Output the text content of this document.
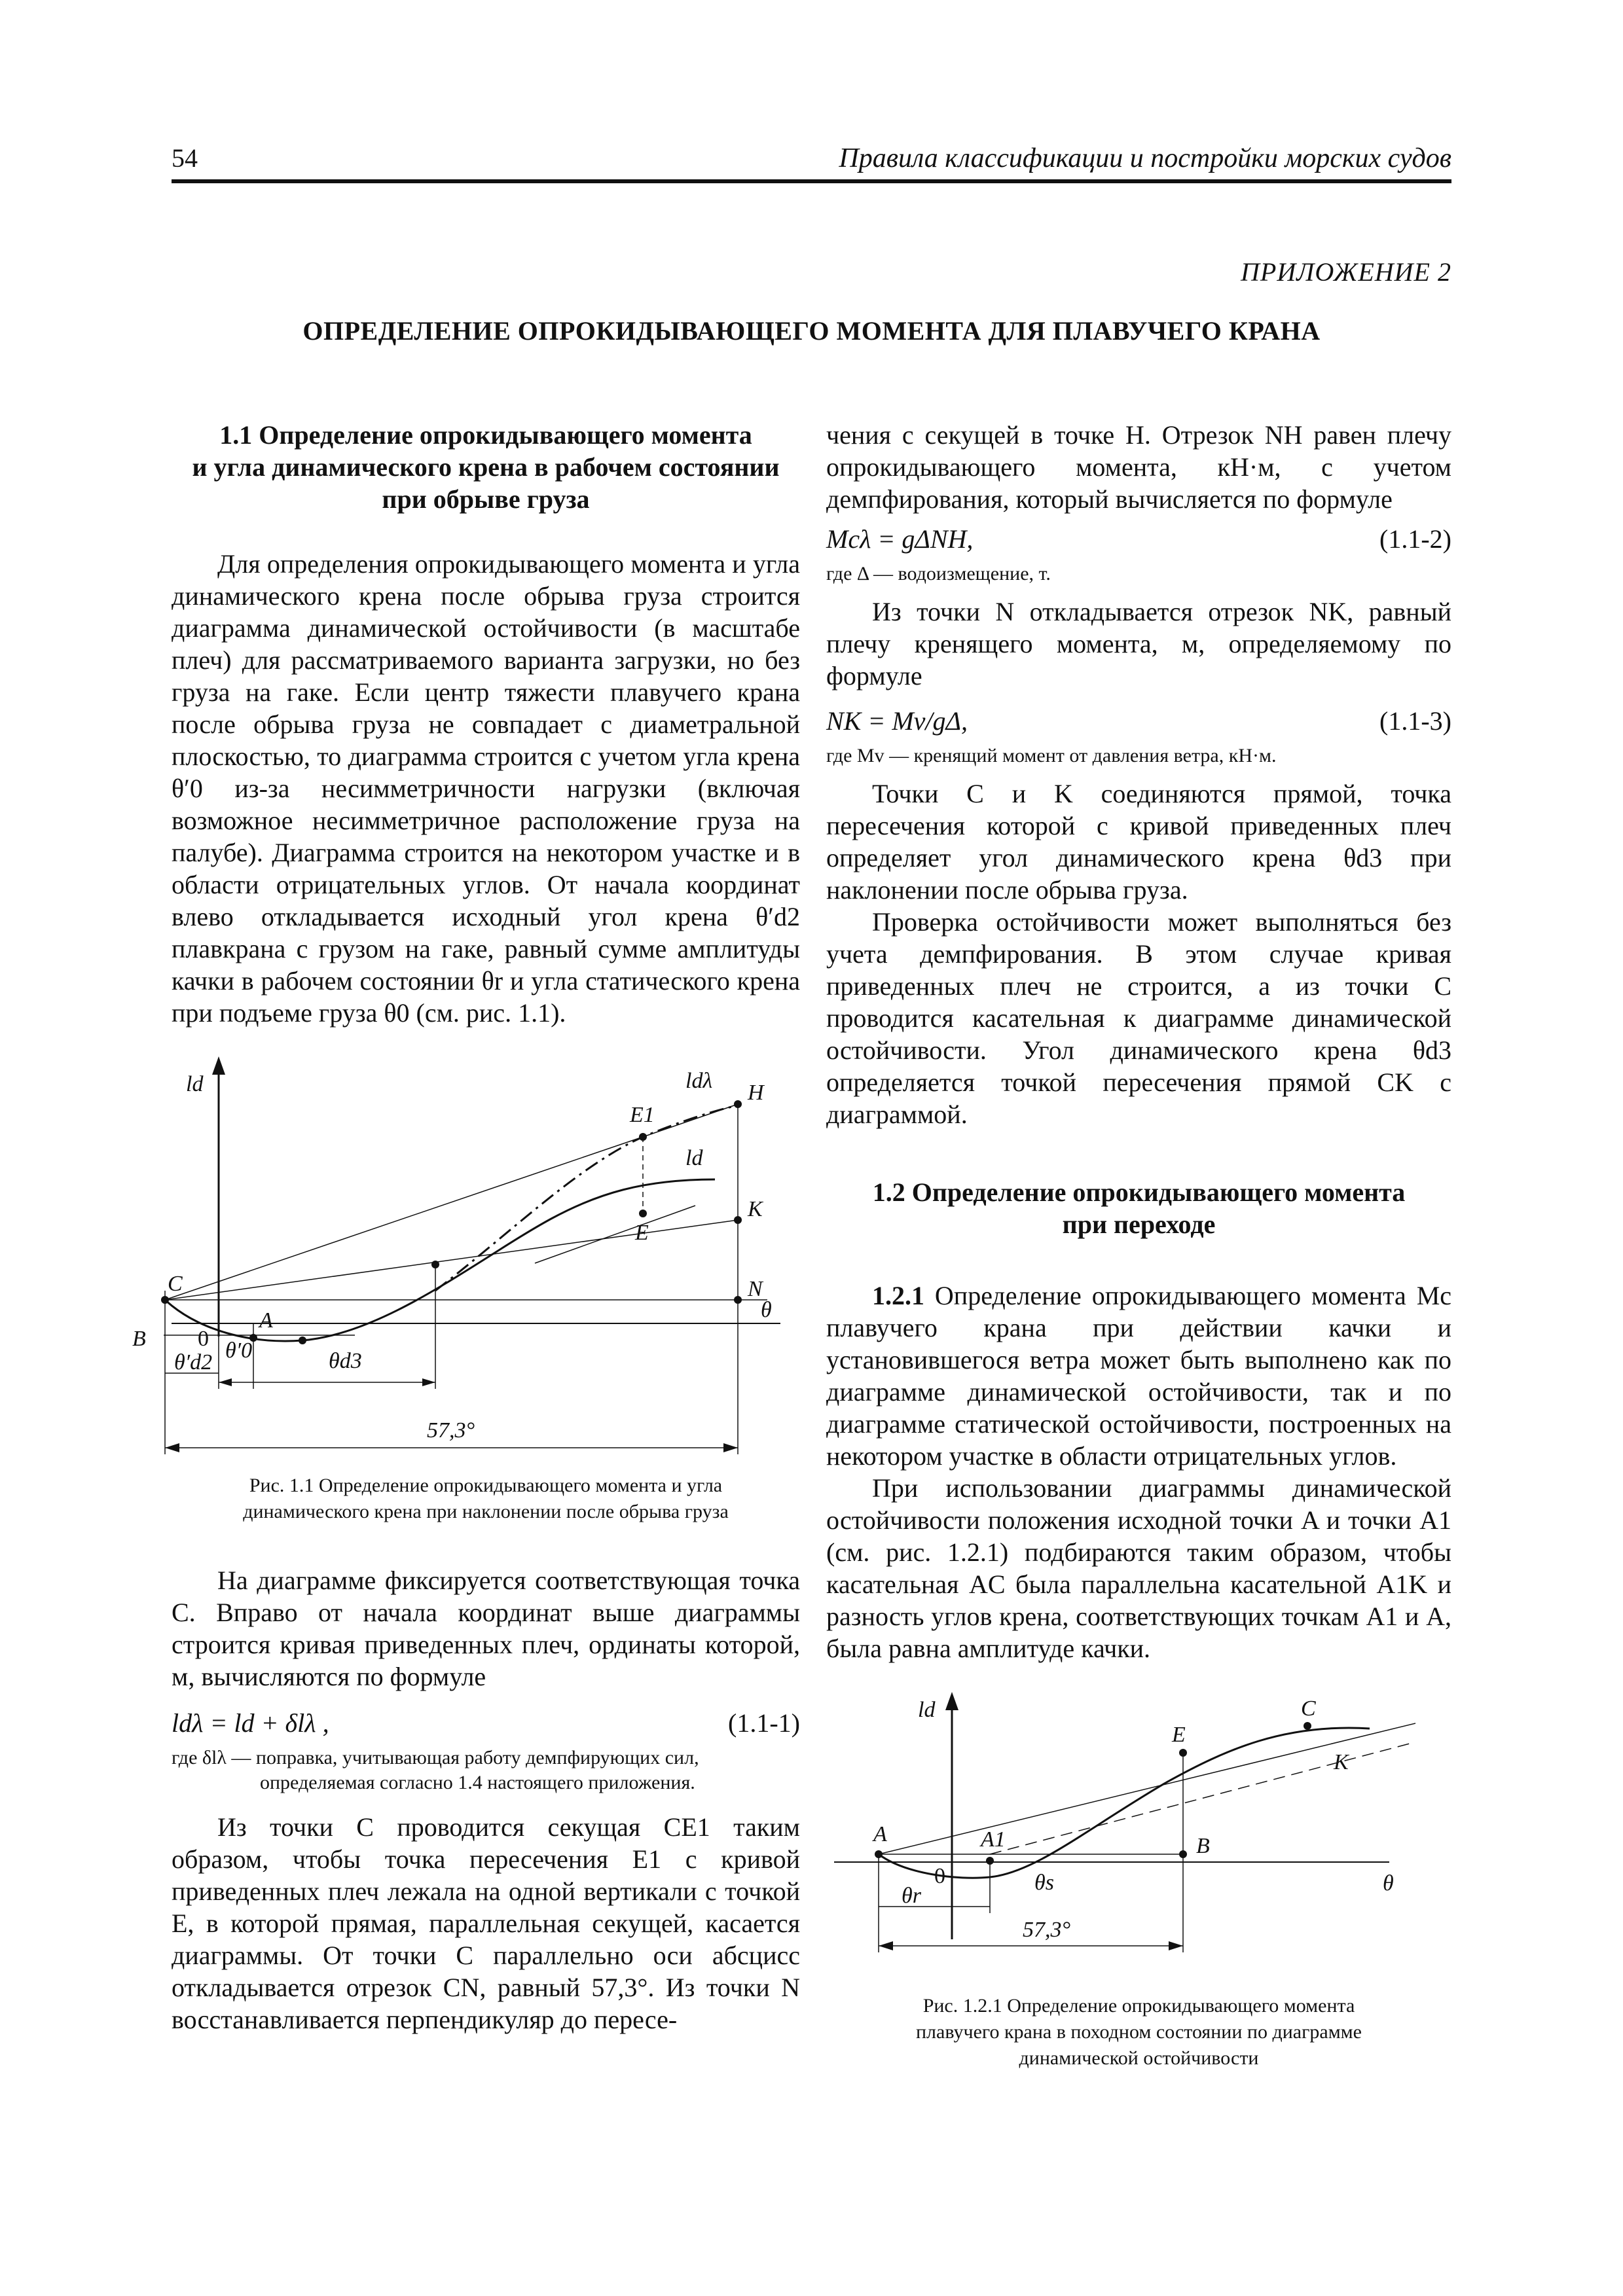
54	Правила классификации и постройки морских судов
ПРИЛОЖЕНИЕ 2
ОПРЕДЕЛЕНИЕ ОПРОКИДЫВАЮЩЕГО МОМЕНТА ДЛЯ ПЛАВУЧЕГО КРАНА

1.1 Определение опрокидывающего момента
и угла динамического крена в рабочем состоянии
при обрыве груза

Для определения опрокидывающего момента и угла динамического крена после обрыва груза строится диаграмма динамической остойчивости (в масштабе плеч) для рассматриваемого варианта загрузки, но без груза на гаке. Если центр тяжести плавучего крана после обрыва груза не совпадает с диаметральной плоскостью, то диаграмма строится с учетом угла крена θ′0 из-за несимметричности нагрузки (включая возможное несимметричное расположение груза на палубе). Диаграмма строится на некотором участке и в области отрицательных углов. От начала координат влево откладывается исходный угол крена θ′d2 плавкрана с грузом на гаке, равный сумме амплитуды качки в рабочем состоянии θr и угла статического крена при подъеме груза θ0 (см. рис. 1.1).

ld	ldλ H
E1
ld
E
K
N
θ
C
A
B 0
θ′d2 θ′0	θd3
57,3°

Рис. 1.1 Определение опрокидывающего момента и угла
динамического крена при наклонении после обрыва груза

На диаграмме фиксируется соответствующая точка C. Вправо от начала координат выше диаграммы строится кривая приведенных плеч, ординаты которой, м, вычисляются по формуле

ldλ = ld + δlλ ,	(1.1-1)

где δlλ — поправка, учитывающая работу демпфирующих сил,
определяемая согласно 1.4 настоящего приложения.

Из точки C проводится секущая CE1 таким образом, чтобы точка пересечения E1 с кривой приведенных плеч лежала на одной вертикали с точкой E, в которой прямая, параллельная секущей, касается диаграммы. От точки C параллельно оси абсцисс откладывается отрезок CN, равный 57,3°. Из точки N восстанавливается перпендикуляр до пересе-

чения с секущей в точке H. Отрезок NH равен плечу опрокидывающего момента, кН·м, с учетом демпфирования, который вычисляется по формуле

Mcλ = gΔNH,	(1.1-2)

где Δ — водоизмещение, т.

Из точки N откладывается отрезок NK, равный плечу кренящего момента, м, определяемому по формуле

NK = Mv/gΔ,	(1.1-3)

где Mv — кренящий момент от давления ветра, кН·м.

Точки C и K соединяются прямой, точка пересечения которой с кривой приведенных плеч определяет угол динамического крена θd3 при наклонении после обрыва груза.

Проверка остойчивости может выполняться без учета демпфирования. В этом случае кривая приведенных плеч не строится, а из точки C проводится касательная к диаграмме динамической остойчивости. Угол динамического крена θd3 определяется точкой пересечения прямой CK с диаграммой.

1.2 Определение опрокидывающего момента
при переходе

1.2.1 Определение опрокидывающего момента Mc плавучего крана при действии качки и установившегося ветра может быть выполнено как по диаграмме динамической остойчивости, так и по диаграмме статической остойчивости, построенных на некотором участке в области отрицательных углов.

При использовании диаграммы динамической остойчивости положения исходной точки A и точки A1 (см. рис. 1.2.1) подбираются таким образом, чтобы касательная AC была параллельна касательной A1K и разность углов крена, соответствующих точкам A1 и A, была равна амплитуде качки.

ld	C
E
K
A	A1	B
0	θ
θr
θs
57,3°

Рис. 1.2.1 Определение опрокидывающего момента
плавучего крана в походном состоянии по диаграмме
динамической остойчивости
